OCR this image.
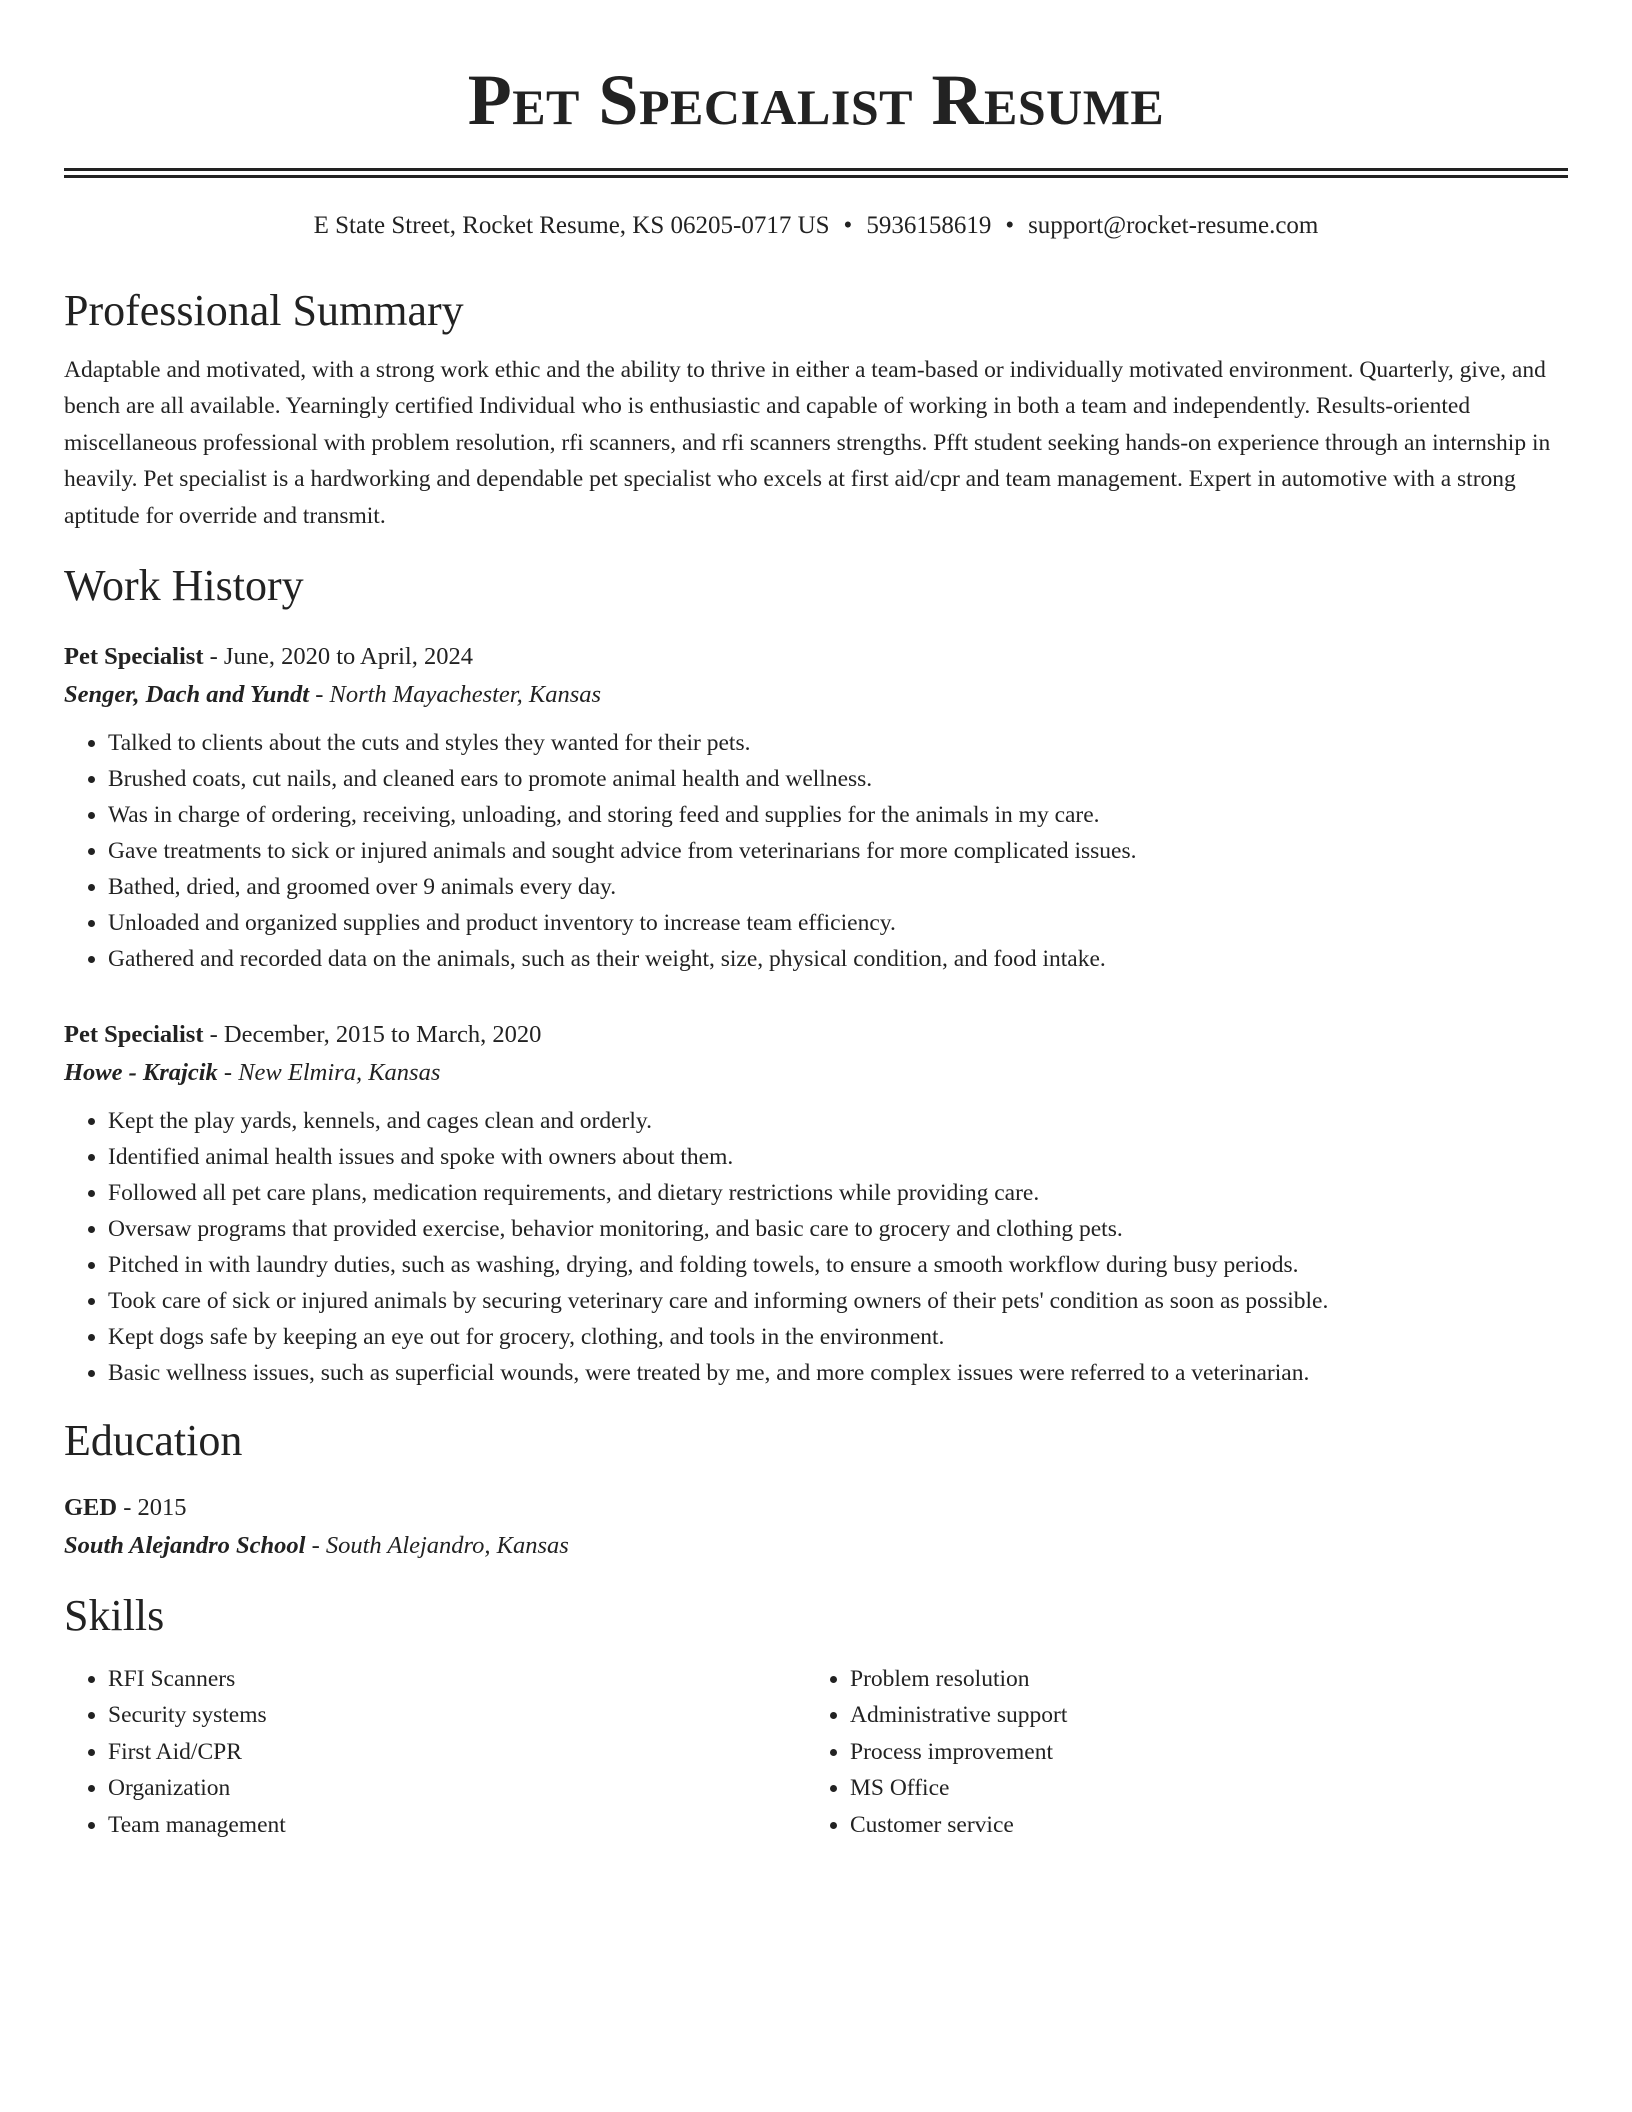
Pet Specialist Resume
E State Street, Rocket Resume, KS 06205-0717 US • 5936158619 • support@rocket-resume.com
Professional Summary
Adaptable and motivated, with a strong work ethic and the ability to thrive in either a team-based or individually motivated environment. Quarterly, give, and bench are all available. Yearningly certified Individual who is enthusiastic and capable of working in both a team and independently. Results-oriented miscellaneous professional with problem resolution, rfi scanners, and rfi scanners strengths. Pfft student seeking hands-on experience through an internship in heavily. Pet specialist is a hardworking and dependable pet specialist who excels at first aid/cpr and team management. Expert in automotive with a strong aptitude for override and transmit.
Work History
Pet Specialist - June, 2020 to April, 2024
Senger, Dach and Yundt - North Mayachester, Kansas
• Talked to clients about the cuts and styles they wanted for their pets.
• Brushed coats, cut nails, and cleaned ears to promote animal health and wellness.
• Was in charge of ordering, receiving, unloading, and storing feed and supplies for the animals in my care.
• Gave treatments to sick or injured animals and sought advice from veterinarians for more complicated issues.
• Bathed, dried, and groomed over 9 animals every day.
• Unloaded and organized supplies and product inventory to increase team efficiency.
• Gathered and recorded data on the animals, such as their weight, size, physical condition, and food intake.
Pet Specialist - December, 2015 to March, 2020
Howe - Krajcik - New Elmira, Kansas
• Kept the play yards, kennels, and cages clean and orderly.
• Identified animal health issues and spoke with owners about them.
• Followed all pet care plans, medication requirements, and dietary restrictions while providing care.
• Oversaw programs that provided exercise, behavior monitoring, and basic care to grocery and clothing pets.
• Pitched in with laundry duties, such as washing, drying, and folding towels, to ensure a smooth workflow during busy periods.
• Took care of sick or injured animals by securing veterinary care and informing owners of their pets' condition as soon as possible.
• Kept dogs safe by keeping an eye out for grocery, clothing, and tools in the environment.
• Basic wellness issues, such as superficial wounds, were treated by me, and more complex issues were referred to a veterinarian.
Education
GED - 2015
South Alejandro School - South Alejandro, Kansas
Skills
• RFI Scanners
• Security systems
• First Aid/CPR
• Organization
• Team management
• Problem resolution
• Administrative support
• Process improvement
• MS Office
• Customer service
